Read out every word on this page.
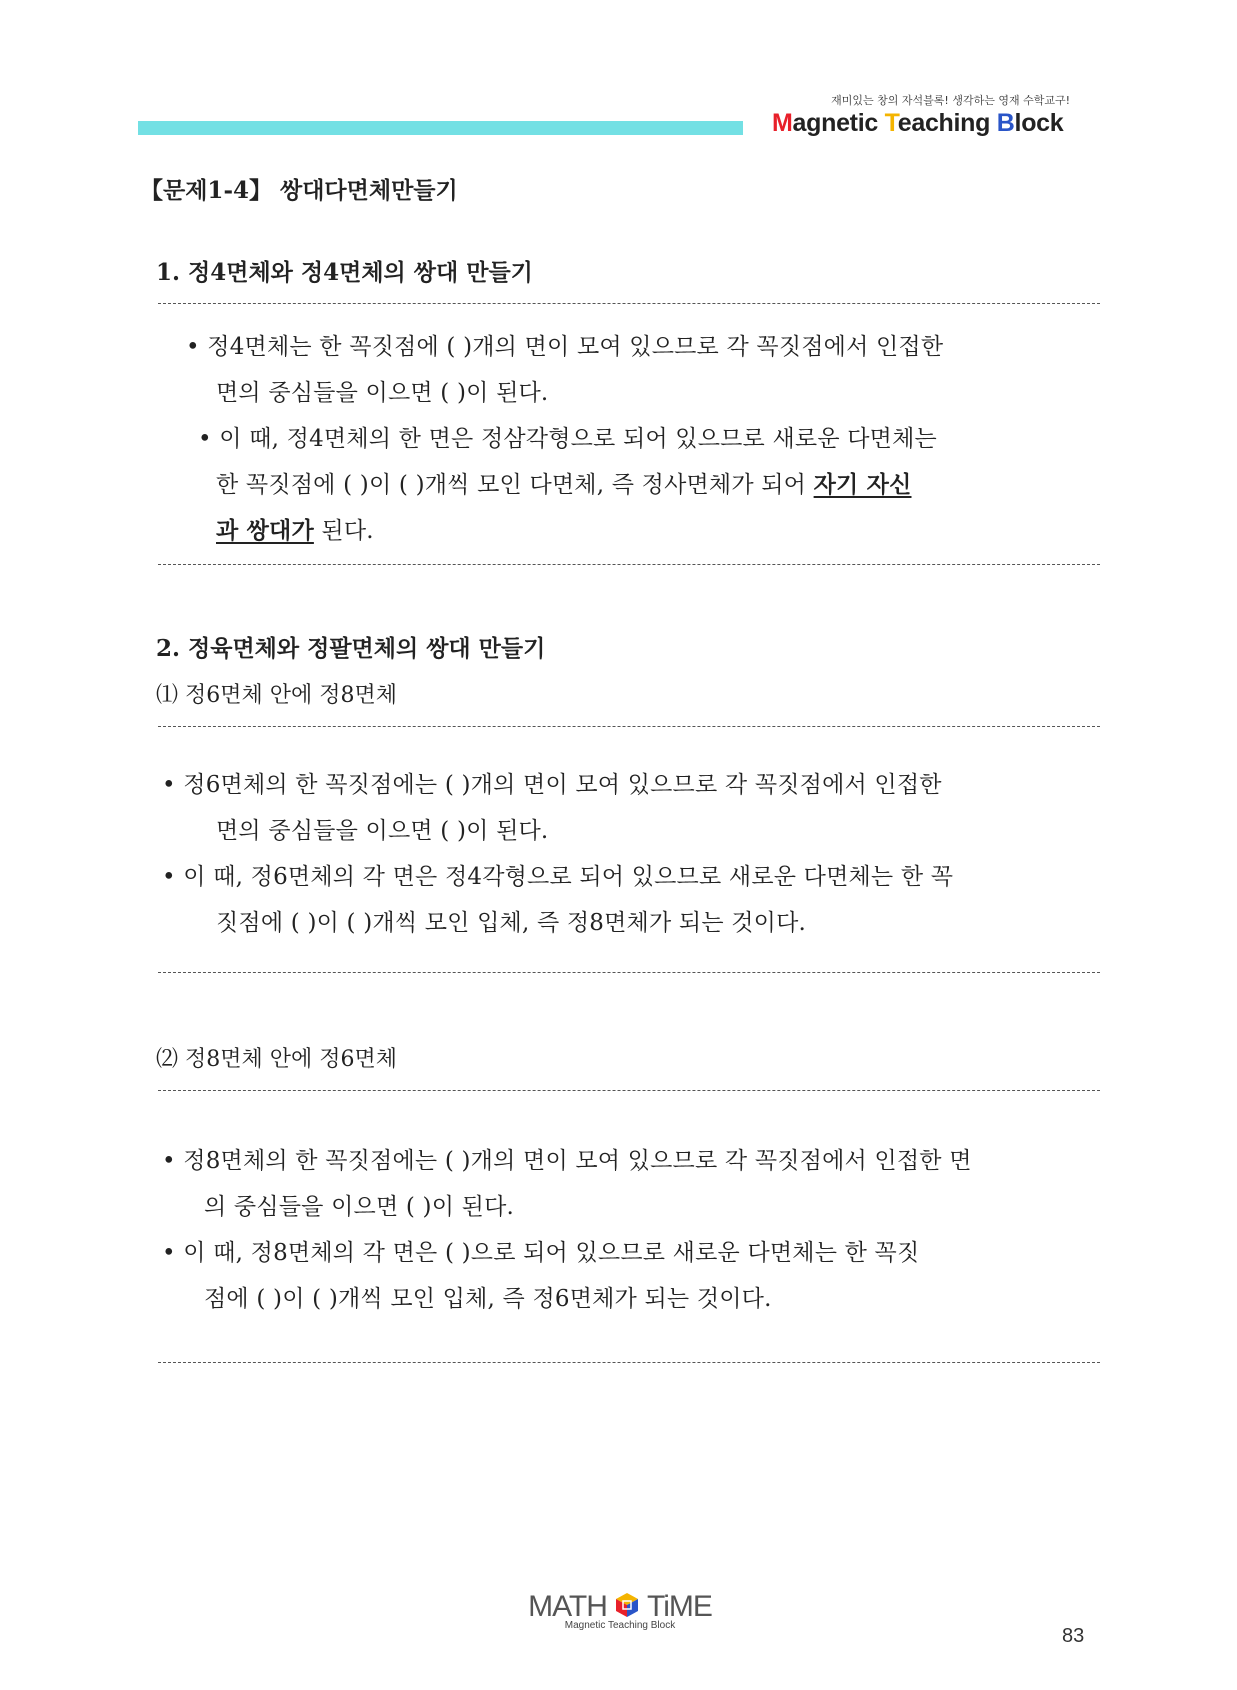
재미있는 창의 자석블록! 생각하는 영재 수학교구!
Magnetic Teaching Block
【문제1-4】 쌍대다면체만들기
1. 정4면체와 정4면체의 쌍대 만들기
• 정4면체는 한 꼭짓점에 ( )개의 면이 모여 있으므로 각 꼭짓점에서 인접한
면의 중심들을 이으면 ( )이 된다.
• 이 때, 정4면체의 한 면은 정삼각형으로 되어 있으므로 새로운 다면체는
한 꼭짓점에 ( )이 ( )개씩 모인 다면체, 즉 정사면체가 되어 자기 자신
과 쌍대가 된다.
2. 정육면체와 정팔면체의 쌍대 만들기
⑴ 정6면체 안에 정8면체
• 정6면체의 한 꼭짓점에는 ( )개의 면이 모여 있으므로 각 꼭짓점에서 인접한
면의 중심들을 이으면 ( )이 된다.
• 이 때, 정6면체의 각 면은 정4각형으로 되어 있으므로 새로운 다면체는 한 꼭
짓점에 ( )이 ( )개씩 모인 입체, 즉 정8면체가 되는 것이다.
⑵ 정8면체 안에 정6면체
• 정8면체의 한 꼭짓점에는 ( )개의 면이 모여 있으므로 각 꼭짓점에서 인접한 면
의 중심들을 이으면 ( )이 된다.
• 이 때, 정8면체의 각 면은 ( )으로 되어 있으므로 새로운 다면체는 한 꼭짓
점에 ( )이 ( )개씩 모인 입체, 즉 정6면체가 되는 것이다.
MATH TiME
Magnetic Teaching Block	83
